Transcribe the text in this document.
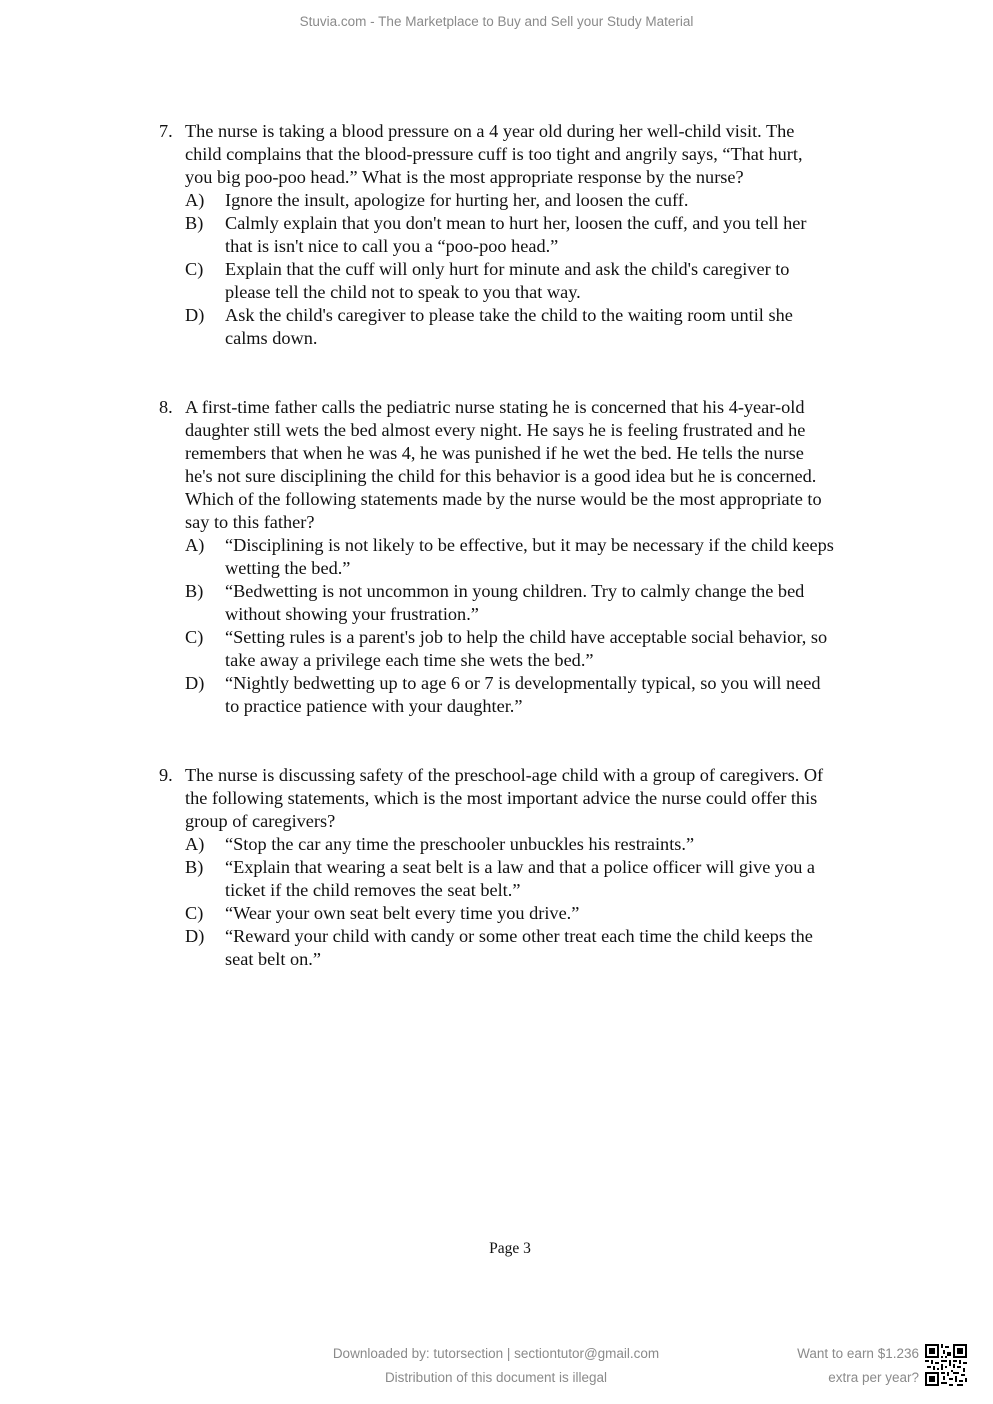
Stuvia.com - The Marketplace to Buy and Sell your Study Material
7. The nurse is taking a blood pressure on a 4 year old during her well-child visit. The
child complains that the blood-pressure cuff is too tight and angrily says, “That hurt,
you big poo-poo head.” What is the most appropriate response by the nurse?
A) Ignore the insult, apologize for hurting her, and loosen the cuff.
B) Calmly explain that you don't mean to hurt her, loosen the cuff, and you tell her
that is isn't nice to call you a “poo-poo head.”
C) Explain that the cuff will only hurt for minute and ask the child's caregiver to
please tell the child not to speak to you that way.
D) Ask the child's caregiver to please take the child to the waiting room until she
calms down.
8. A first-time father calls the pediatric nurse stating he is concerned that his 4-year-old
daughter still wets the bed almost every night. He says he is feeling frustrated and he
remembers that when he was 4, he was punished if he wet the bed. He tells the nurse
he's not sure disciplining the child for this behavior is a good idea but he is concerned.
Which of the following statements made by the nurse would be the most appropriate to
say to this father?
A) “Disciplining is not likely to be effective, but it may be necessary if the child keeps
wetting the bed.”
B) “Bedwetting is not uncommon in young children. Try to calmly change the bed
without showing your frustration.”
C) “Setting rules is a parent's job to help the child have acceptable social behavior, so
take away a privilege each time she wets the bed.”
D) “Nightly bedwetting up to age 6 or 7 is developmentally typical, so you will need
to practice patience with your daughter.”
9. The nurse is discussing safety of the preschool-age child with a group of caregivers. Of
the following statements, which is the most important advice the nurse could offer this
group of caregivers?
A) “Stop the car any time the preschooler unbuckles his restraints.”
B) “Explain that wearing a seat belt is a law and that a police officer will give you a
ticket if the child removes the seat belt.”
C) “Wear your own seat belt every time you drive.”
D) “Reward your child with candy or some other treat each time the child keeps the
seat belt on.”
Page 3
Downloaded by: tutorsection | sectiontutor@gmail.com
Distribution of this document is illegal
Want to earn $1.236
extra per year?
